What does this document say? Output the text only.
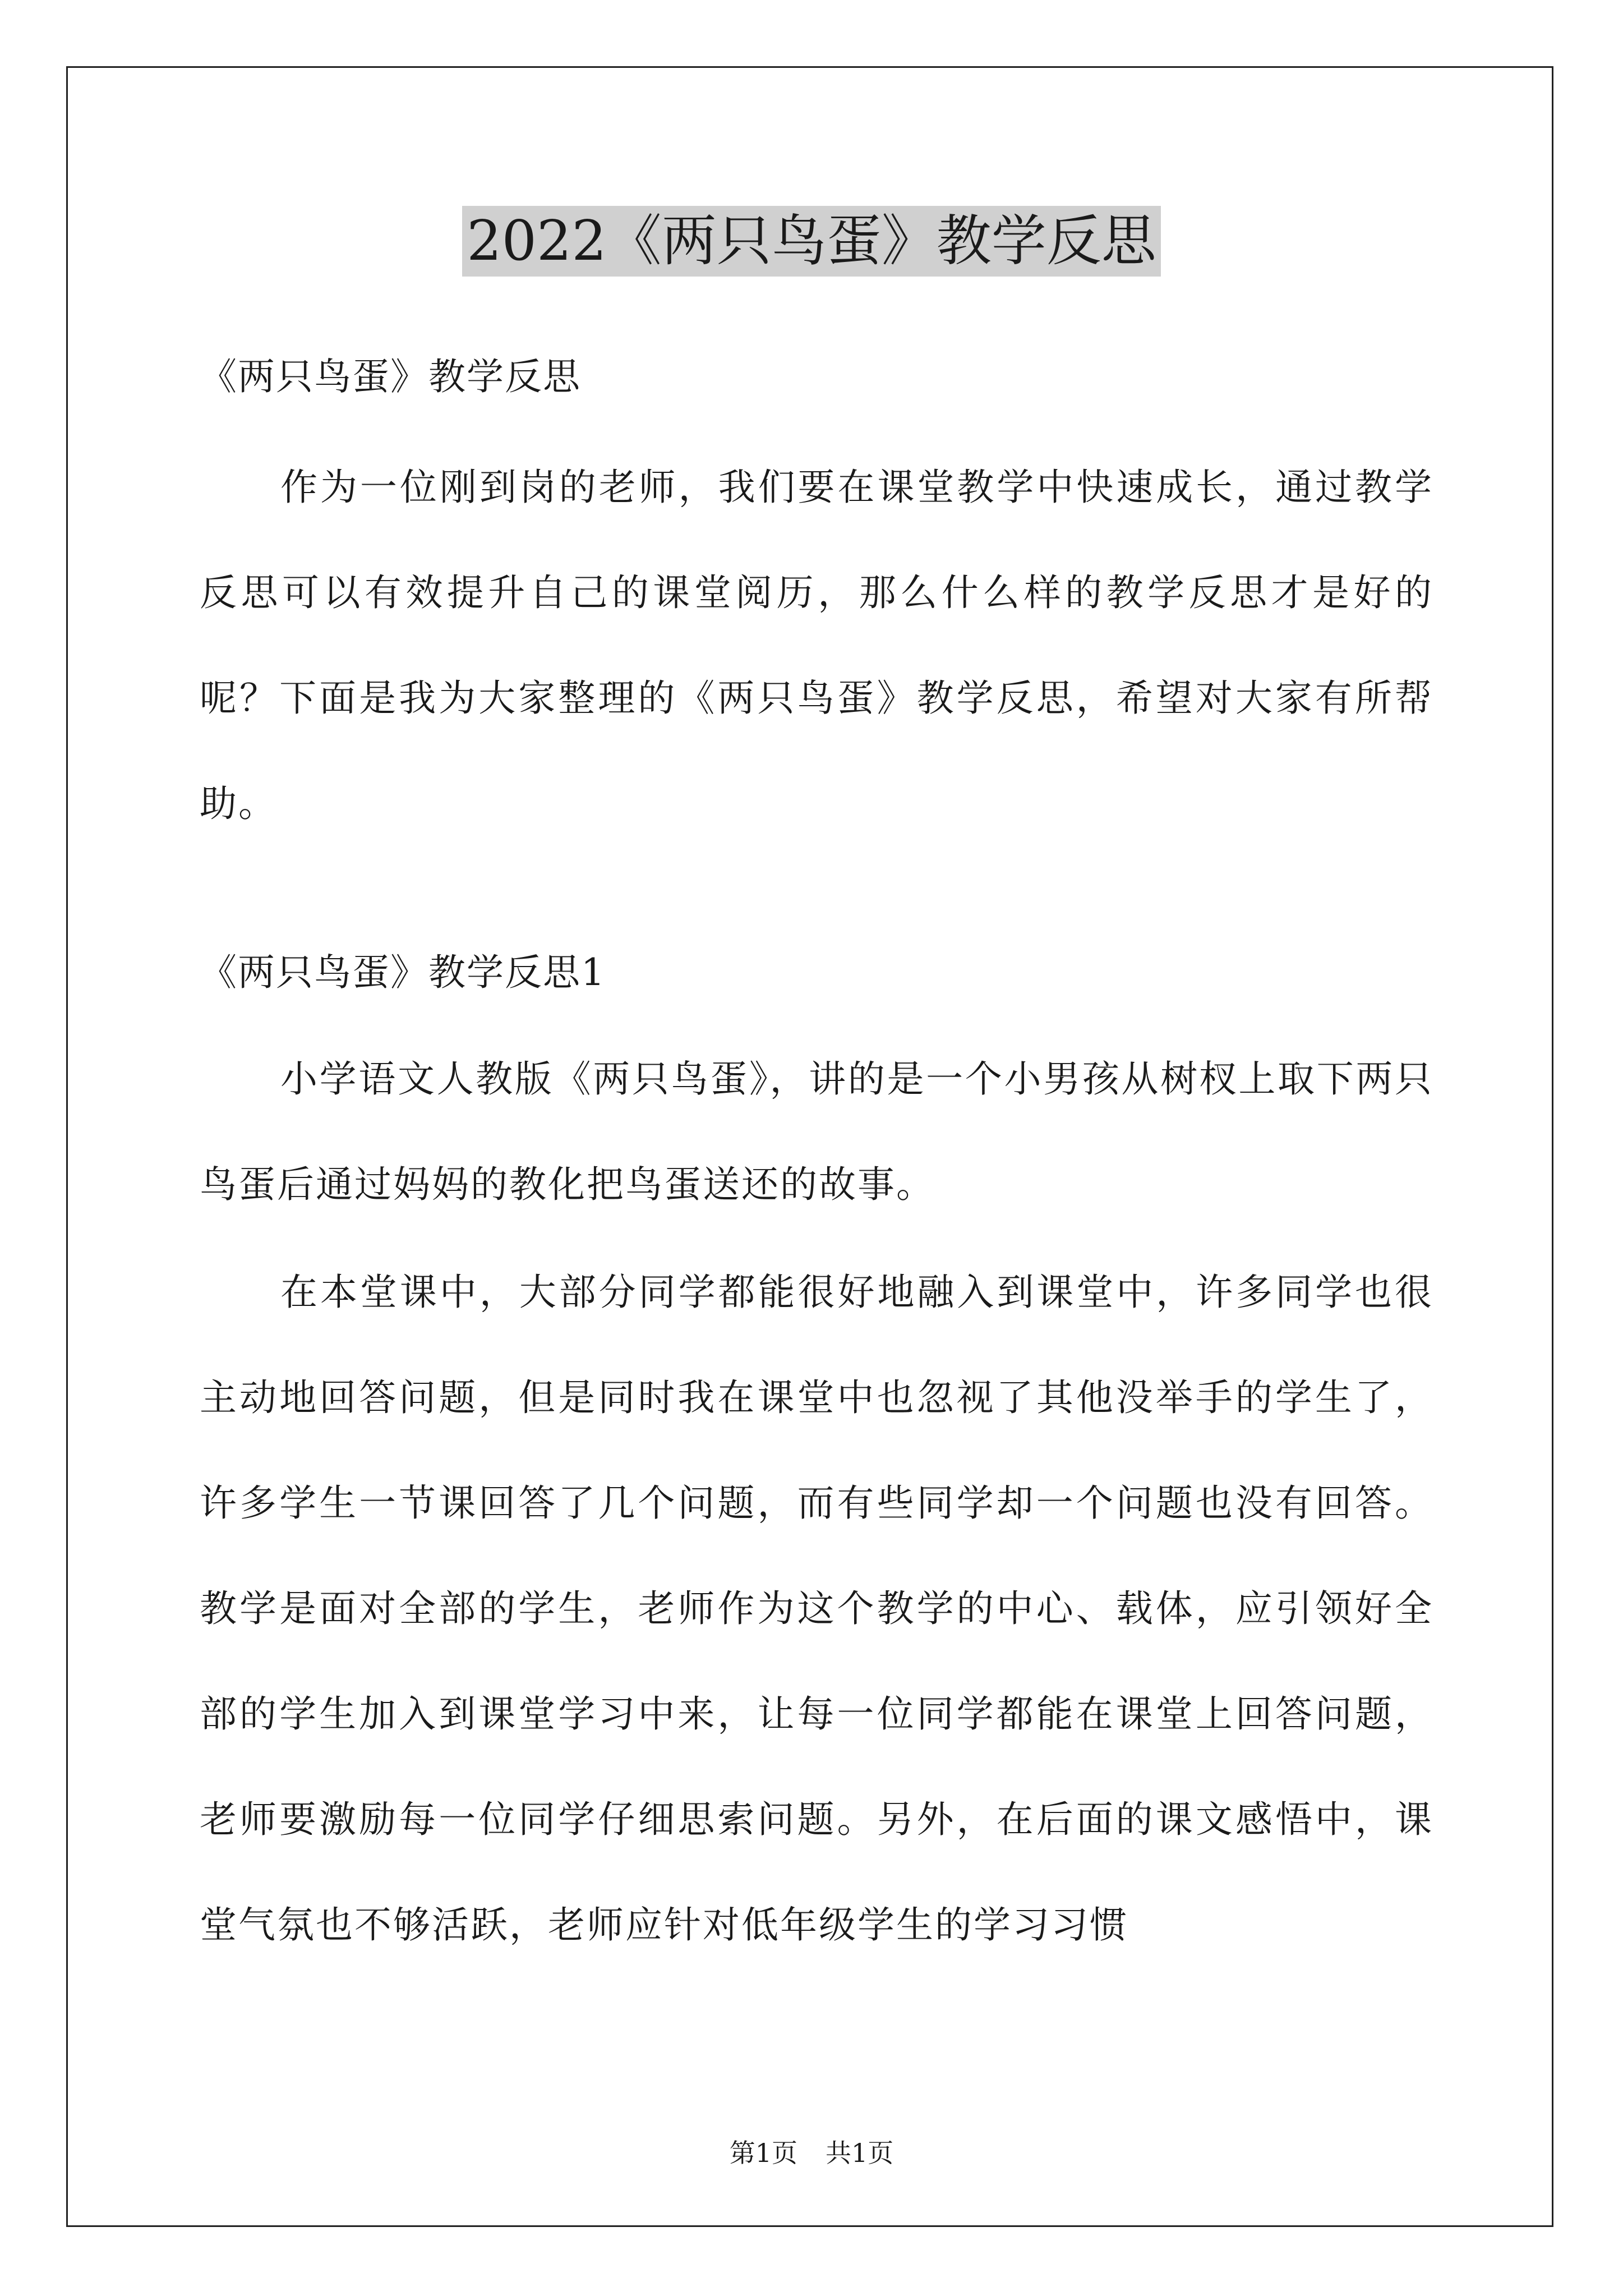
2022《两只鸟蛋》教学反思

《两只鸟蛋》教学反思

作为一位刚到岗的老师，我们要在课堂教学中快速成长，通过教学反思可以有效提升自己的课堂阅历，那么什么样的教学反思才是好的呢？下面是我为大家整理的《两只鸟蛋》教学反思，希望对大家有所帮助。

《两只鸟蛋》教学反思1

小学语文人教版《两只鸟蛋》，讲的是一个小男孩从树杈上取下两只鸟蛋后通过妈妈的教化把鸟蛋送还的故事。

在本堂课中，大部分同学都能很好地融入到课堂中，许多同学也很主动地回答问题，但是同时我在课堂中也忽视了其他没举手的学生了，许多学生一节课回答了几个问题，而有些同学却一个问题也没有回答。教学是面对全部的学生，老师作为这个教学的中心、载体，应引领好全部的学生加入到课堂学习中来，让每一位同学都能在课堂上回答问题，老师要激励每一位同学仔细思索问题。另外，在后面的课文感悟中，课堂气氛也不够活跃，老师应针对低年级学生的学习习惯

第1页 共1页
